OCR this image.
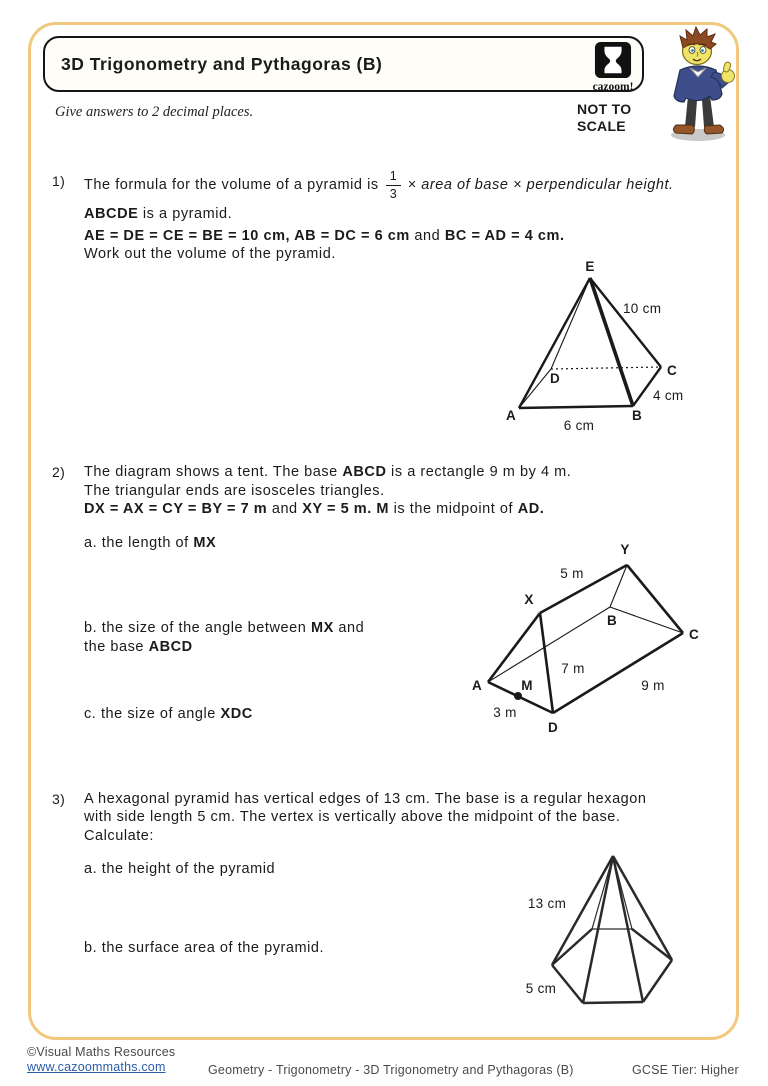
3D Trigonometry and Pythagoras (B)
cazoom!
Give answers to 2 decimal places.	NOT TO
SCALE
1) The formula for the volume of a pyramid is $\frac{1}{3}$ × area of base × perpendicular height.
ABCDE is a pyramid.
AE = DE = CE = BE = 10 cm, AB = DC = 6 cm and BC = AD = 4 cm.
Work out the volume of the pyramid.
E
A	B
C
D
10 cm
4 cm
6 cm
2) The diagram shows a tent. The base ABCD is a rectangle 9 m by 4 m.
The triangular ends are isosceles triangles.
DX = AX = CY = BY = 7 m and XY = 5 m. M is the midpoint of AD.
a. the length of MX
b. the size of the angle between MX and
the base ABCD
c. the size of angle XDC
Y
X
B
C
A	M
D
5 m
7 m
9 m
3 m
3) A hexagonal pyramid has vertical edges of 13 cm. The base is a regular hexagon
with side length 5 cm. The vertex is vertically above the midpoint of the base.
Calculate:
a. the height of the pyramid
b. the surface area of the pyramid.
13 cm
5 cm
©Visual Maths Resources
www.cazoommaths.com	Geometry - Trigonometry - 3D Trigonometry and Pythagoras (B)	GCSE Tier: Higher
